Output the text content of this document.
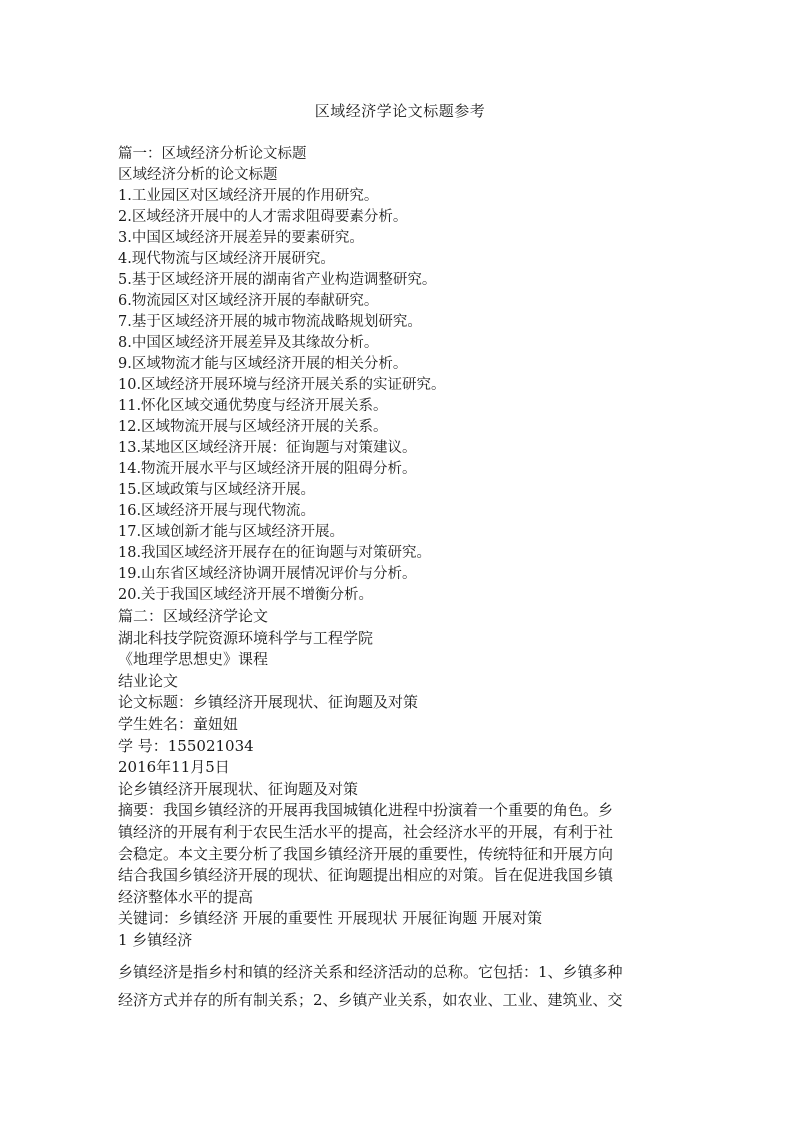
区域经济学论文标题参考
篇一：区域经济分析论文标题
区域经济分析的论文标题
1.工业园区对区域经济开展的作用研究。
2.区域经济开展中的人才需求阻碍要素分析。
3.中国区域经济开展差异的要素研究。
4.现代物流与区域经济开展研究。
5.基于区域经济开展的湖南省产业构造调整研究。
6.物流园区对区域经济开展的奉献研究。
7.基于区域经济开展的城市物流战略规划研究。
8.中国区域经济开展差异及其缘故分析。
9.区域物流才能与区域经济开展的相关分析。
10.区域经济开展环境与经济开展关系的实证研究。
11.怀化区域交通优势度与经济开展关系。
12.区域物流开展与区域经济开展的关系。
13.某地区区域经济开展：征询题与对策建议。
14.物流开展水平与区域经济开展的阻碍分析。
15.区域政策与区域经济开展。
16.区域经济开展与现代物流。
17.区域创新才能与区域经济开展。
18.我国区域经济开展存在的征询题与对策研究。
19.山东省区域经济协调开展情况评价与分析。
20.关于我国区域经济开展不增衡分析。
篇二：区域经济学论文
湖北科技学院资源环境科学与工程学院
《地理学思想史》课程
结业论文
论文标题：乡镇经济开展现状、征询题及对策
学生姓名：童妞妞
学 号：155021034
2016年11月5日
论乡镇经济开展现状、征询题及对策
摘要：我国乡镇经济的开展再我国城镇化进程中扮演着一个重要的角色。乡
镇经济的开展有利于农民生活水平的提高，社会经济水平的开展，有利于社
会稳定。本文主要分析了我国乡镇经济开展的重要性，传统特征和开展方向
结合我国乡镇经济开展的现状、征询题提出相应的对策。旨在促进我国乡镇
经济整体水平的提高
关键词：乡镇经济 开展的重要性 开展现状 开展征询题 开展对策
1 乡镇经济
乡镇经济是指乡村和镇的经济关系和经济活动的总称。它包括：1、乡镇多种
经济方式并存的所有制关系；2、乡镇产业关系，如农业、工业、建筑业、交
